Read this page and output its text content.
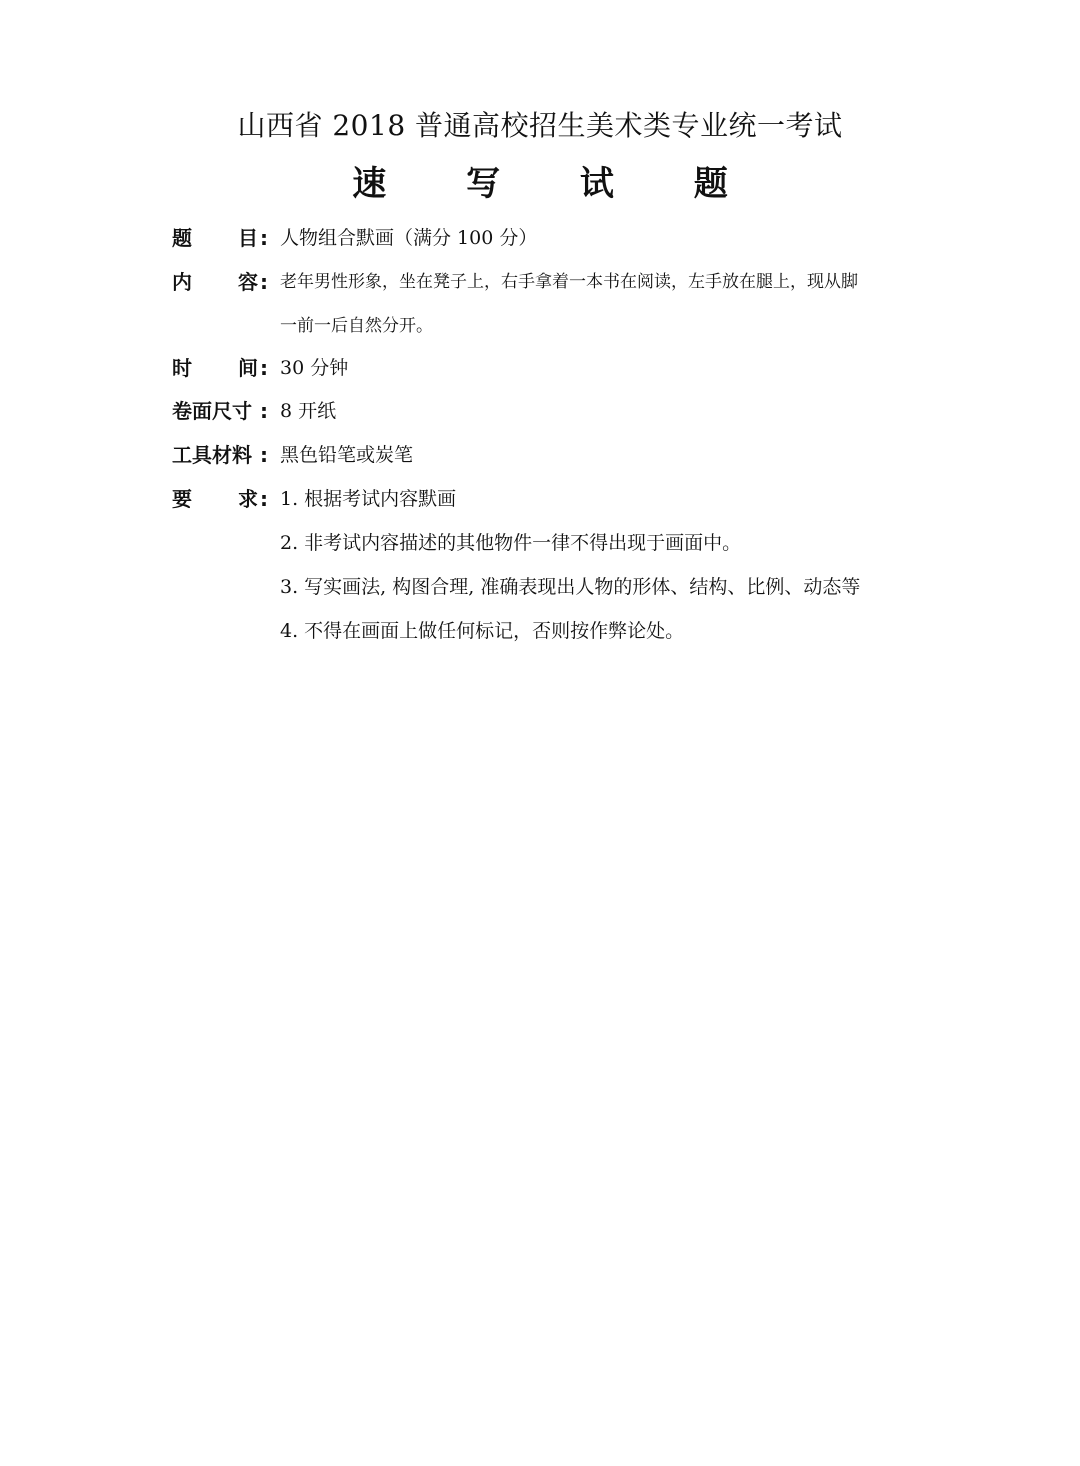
山西省 2018 普通高校招生美术类专业统一考试
速 写 试 题
题 目 : 人物组合默画（满分 100 分）
内 容 : 老年男性形象，坐在凳子上，右手拿着一本书在阅读，左手放在腿上，现从脚
一前一后自然分开。
时 间 : 30 分钟
卷面尺寸 : 8 开纸
工具材料 : 黑色铅笔或炭笔
要 求 : 1. 根据考试内容默画
2. 非考试内容描述的其他物件一律不得出现于画面中。
3. 写实画法, 构图合理, 准确表现出人物的形体、结构、比例、动态等
4. 不得在画面上做任何标记，否则按作弊论处。
